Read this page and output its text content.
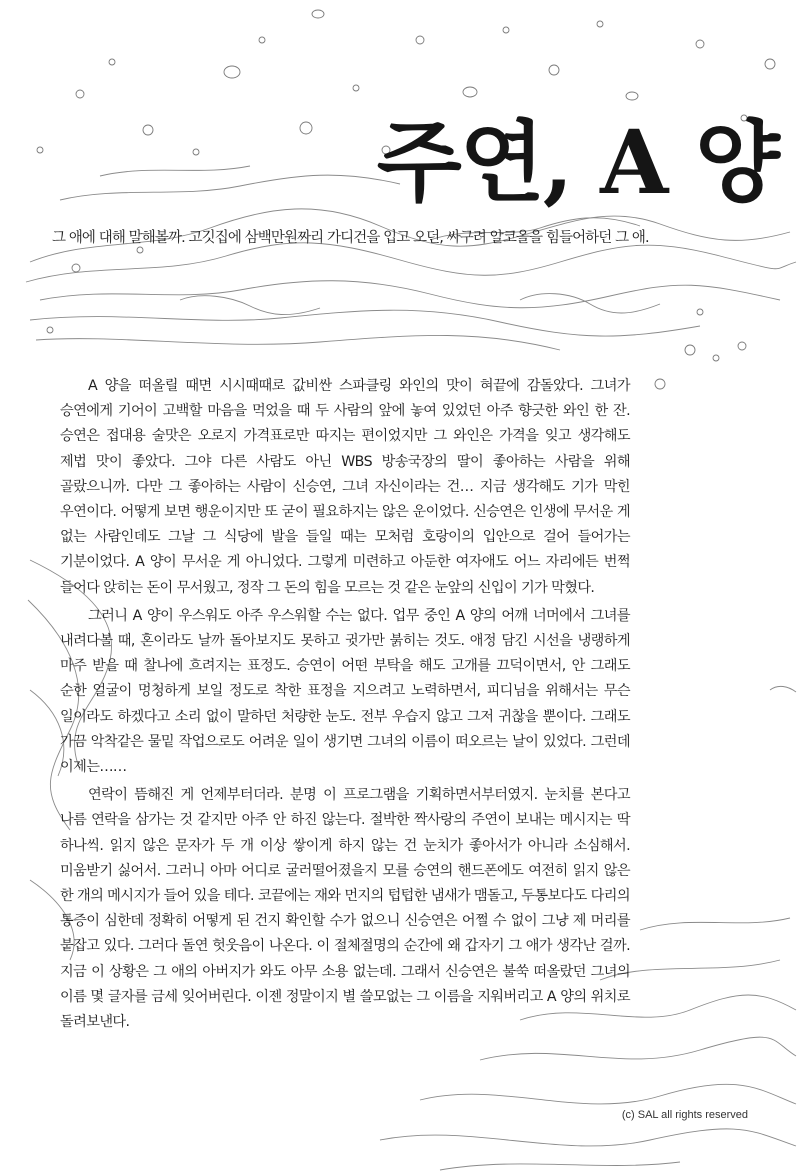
주연, A 양

그 애에 대해 말해볼까. 고깃집에 삼백만원짜리 가디건을 입고 오던, 싸구려 알코올을 힘들어하던 그 애.

A 양을 떠올릴 때면 시시때때로 값비싼 스파클링 와인의 맛이 혀끝에 감돌았다. 그녀가 승연에게 기어이 고백할 마음을 먹었을 때 두 사람의 앞에 놓여 있었던 아주 향긋한 와인 한 잔. 승연은 접대용 술맛은 오로지 가격표로만 따지는 편이었지만 그 와인은 가격을 잊고 생각해도 제법 맛이 좋았다. 그야 다른 사람도 아닌 WBS 방송국장의 딸이 좋아하는 사람을 위해 골랐으니까. 다만 그 좋아하는 사람이 신승연, 그녀 자신이라는 건… 지금 생각해도 기가 막힌 우연이다. 어떻게 보면 행운이지만 또 굳이 필요하지는 않은 운이었다. 신승연은 인생에 무서운 게 없는 사람인데도 그날 그 식당에 발을 들일 때는 모처럼 호랑이의 입안으로 걸어 들어가는 기분이었다. A 양이 무서운 게 아니었다. 그렇게 미련하고 아둔한 여자애도 어느 자리에든 번쩍 들어다 앉히는 돈이 무서웠고, 정작 그 돈의 힘을 모르는 것 같은 눈앞의 신입이 기가 막혔다.

그러니 A 양이 우스워도 아주 우스워할 수는 없다. 업무 중인 A 양의 어깨 너머에서 그녀를 내려다볼 때, 혼이라도 날까 돌아보지도 못하고 귓가만 붉히는 것도. 애정 담긴 시선을 냉랭하게 마주 받을 때 찰나에 흐려지는 표정도. 승연이 어떤 부탁을 해도 고개를 끄덕이면서, 안 그래도 순한 얼굴이 멍청하게 보일 정도로 착한 표정을 지으려고 노력하면서, 피디님을 위해서는 무슨 일이라도 하겠다고 소리 없이 말하던 처량한 눈도. 전부 우습지 않고 그저 귀찮을 뿐이다. 그래도 가끔 악착같은 물밑 작업으로도 어려운 일이 생기면 그녀의 이름이 떠오르는 날이 있었다. 그런데 이제는……

연락이 뜸해진 게 언제부터더라. 분명 이 프로그램을 기획하면서부터였지. 눈치를 본다고 나름 연락을 삼가는 것 같지만 아주 안 하진 않는다. 절박한 짝사랑의 주연이 보내는 메시지는 딱 하나씩. 읽지 않은 문자가 두 개 이상 쌓이게 하지 않는 건 눈치가 좋아서가 아니라 소심해서. 미움받기 싫어서. 그러니 아마 어디로 굴러떨어졌을지 모를 승연의 핸드폰에도 여전히 읽지 않은 한 개의 메시지가 들어 있을 테다. 코끝에는 재와 먼지의 텁텁한 냄새가 맴돌고, 두통보다도 다리의 통증이 심한데 정확히 어떻게 된 건지 확인할 수가 없으니 신승연은 어쩔 수 없이 그냥 제 머리를 붙잡고 있다. 그러다 돌연 헛웃음이 나온다. 이 절체절명의 순간에 왜 갑자기 그 애가 생각난 걸까. 지금 이 상황은 그 애의 아버지가 와도 아무 소용 없는데. 그래서 신승연은 불쑥 떠올랐던 그녀의 이름 몇 글자를 금세 잊어버린다. 이젠 정말이지 별 쓸모없는 그 이름을 지워버리고 A 양의 위치로 돌려보낸다.

(c) SAL all rights reserved
